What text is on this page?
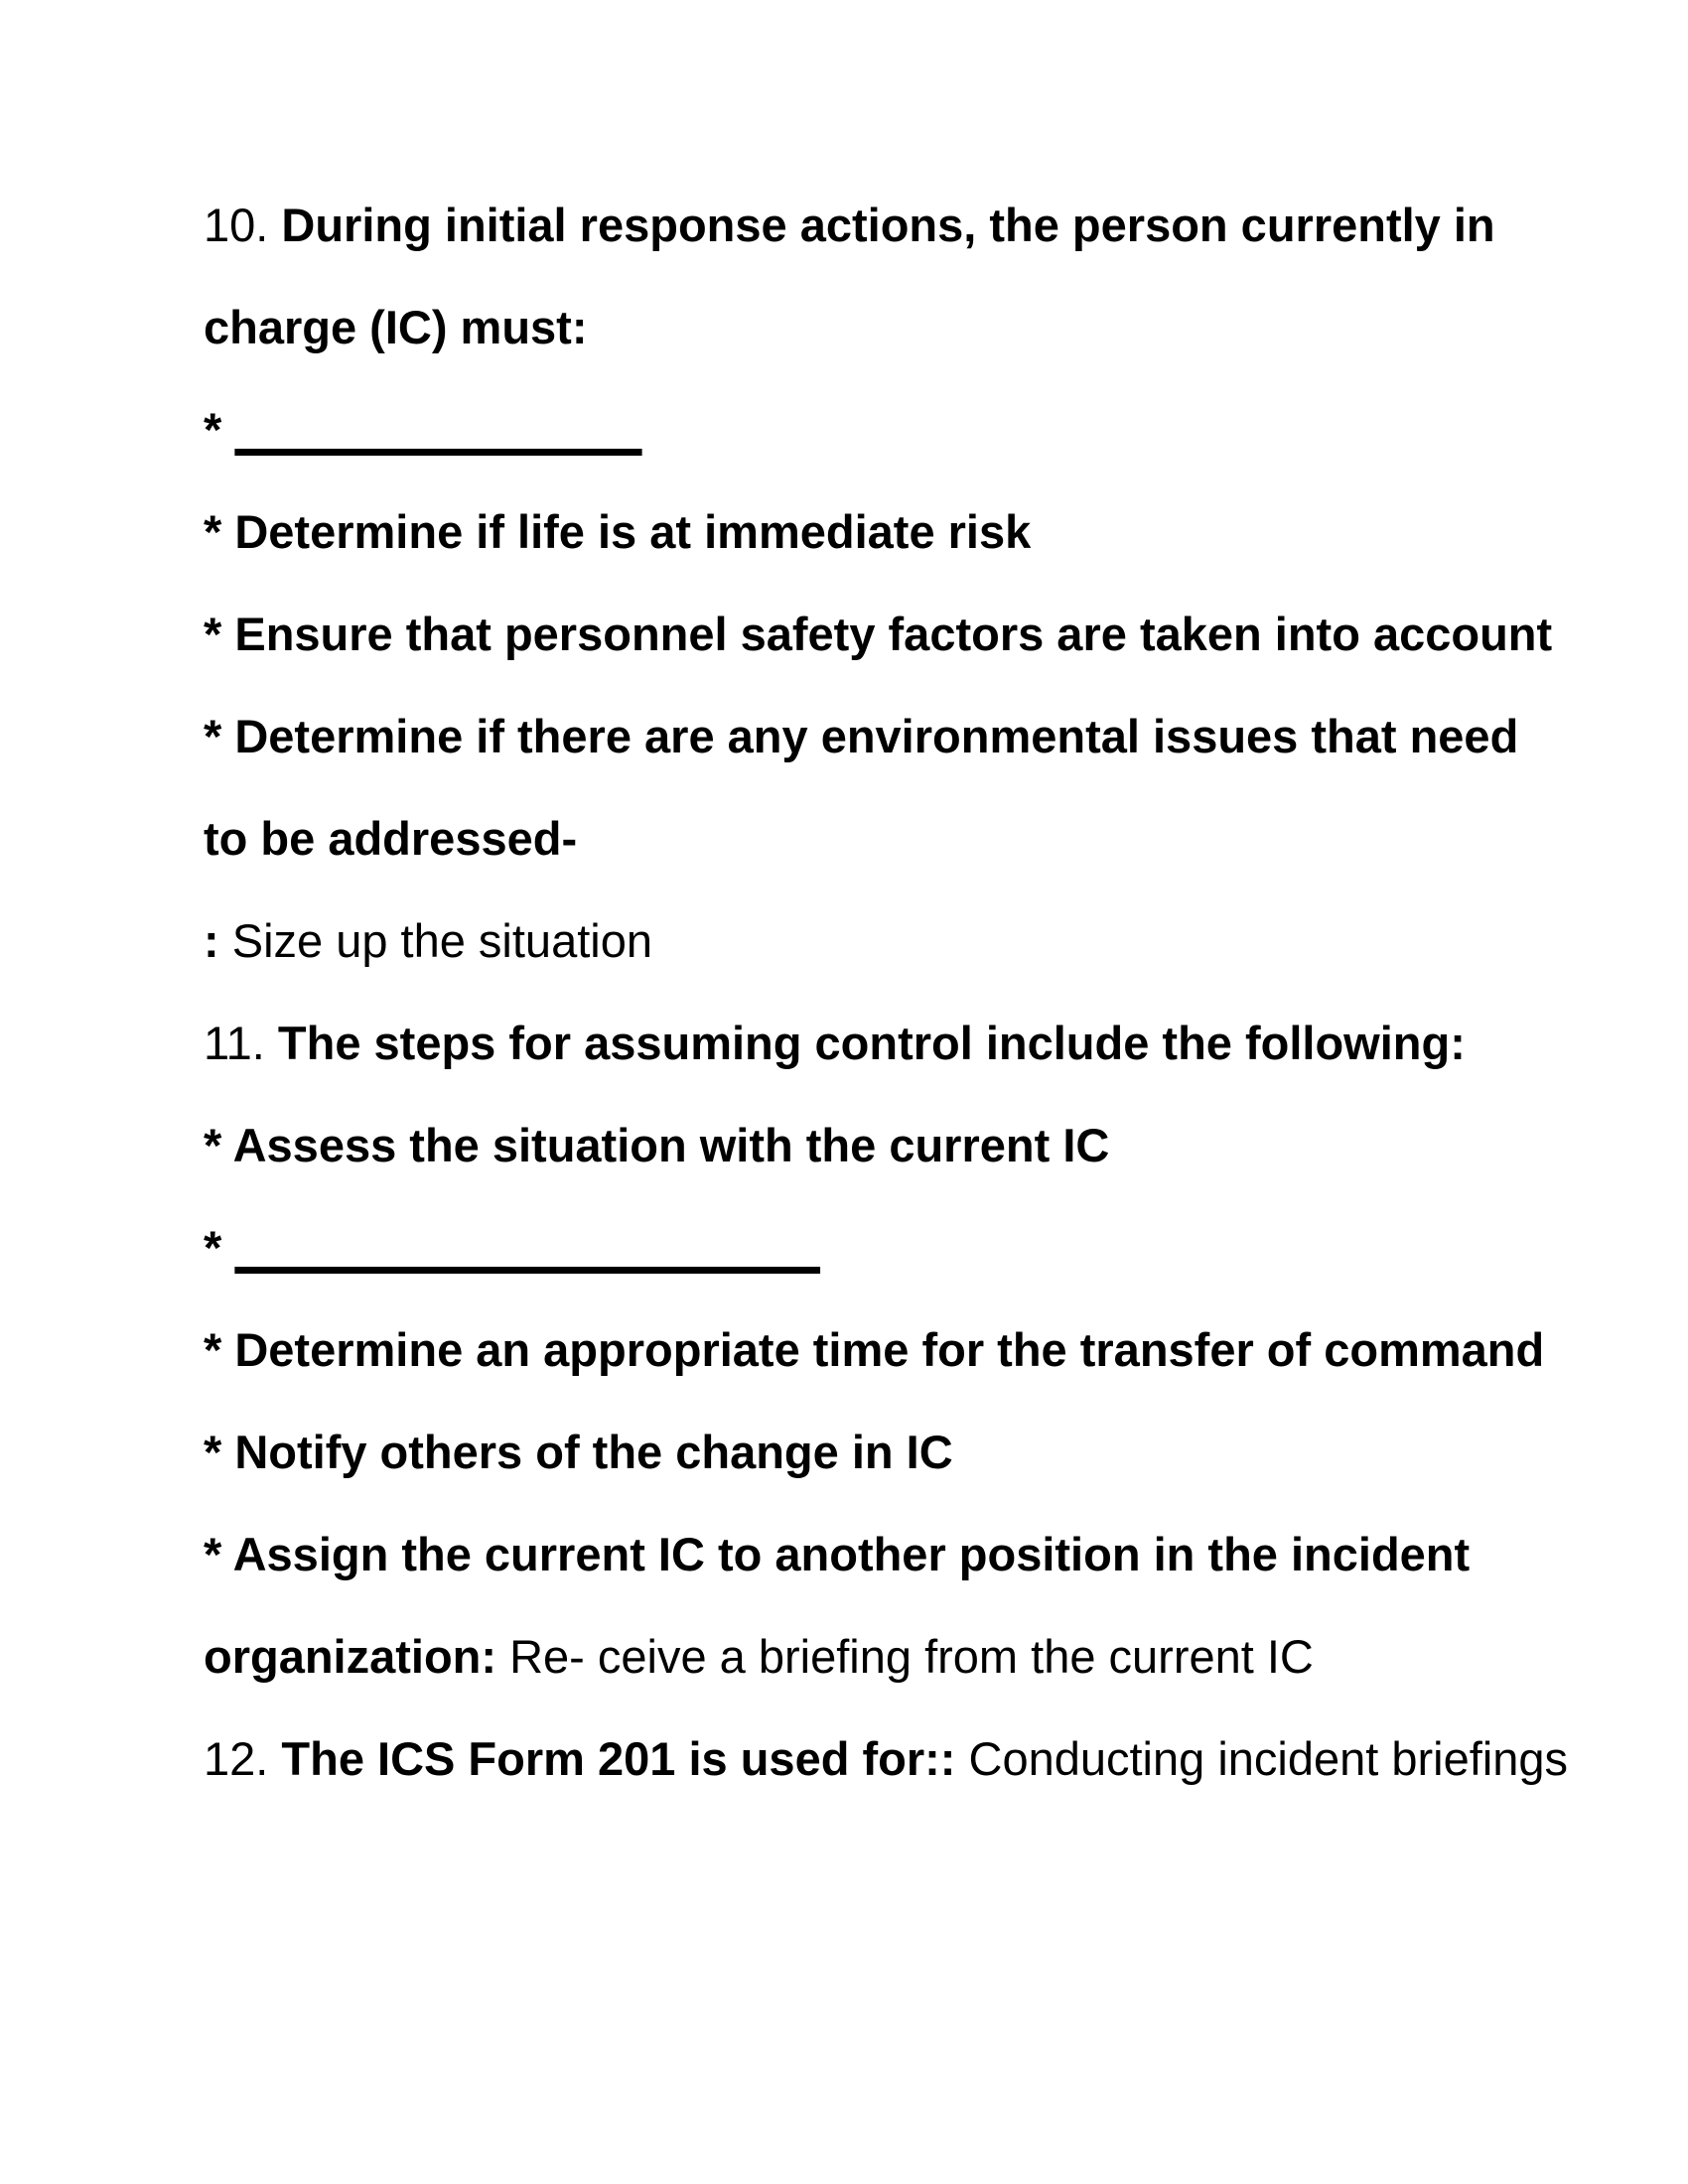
10. During initial response actions, the person currently in
charge (IC) must:
*
* Determine if life is at immediate risk
* Ensure that personnel safety factors are taken into account
* Determine if there are any environmental issues that need
to be addressed-
: Size up the situation
11. The steps for assuming control include the following:
* Assess the situation with the current IC
*
* Determine an appropriate time for the transfer of command
* Notify others of the change in IC
* Assign the current IC to another position in the incident
organization: Re- ceive a briefing from the current IC
12. The ICS Form 201 is used for:: Conducting incident briefings
